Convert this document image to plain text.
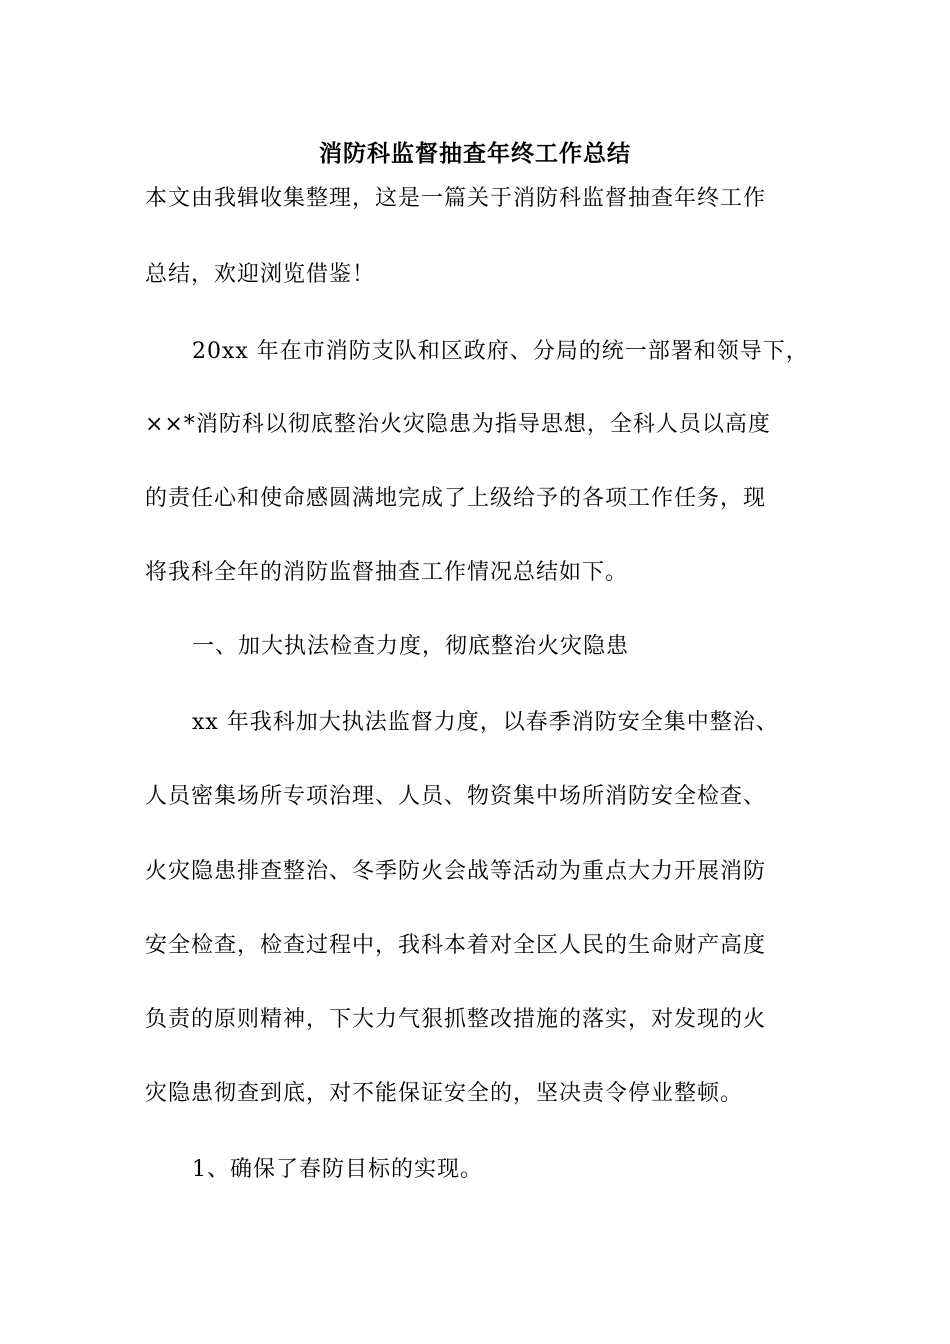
消防科监督抽查年终工作总结
本文由我辑收集整理，这是一篇关于消防科监督抽查年终工作
总结，欢迎浏览借鉴！
20xx 年在市消防支队和区政府、分局的统一部署和领导下，
××*消防科以彻底整治火灾隐患为指导思想，全科人员以高度
的责任心和使命感圆满地完成了上级给予的各项工作任务，现
将我科全年的消防监督抽查工作情况总结如下。
一、加大执法检查力度，彻底整治火灾隐患
xx 年我科加大执法监督力度，以春季消防安全集中整治、
人员密集场所专项治理、人员、物资集中场所消防安全检查、
火灾隐患排查整治、冬季防火会战等活动为重点大力开展消防
安全检查，检查过程中，我科本着对全区人民的生命财产高度
负责的原则精神，下大力气狠抓整改措施的落实，对发现的火
灾隐患彻查到底，对不能保证安全的，坚决责令停业整顿。
1、确保了春防目标的实现。
